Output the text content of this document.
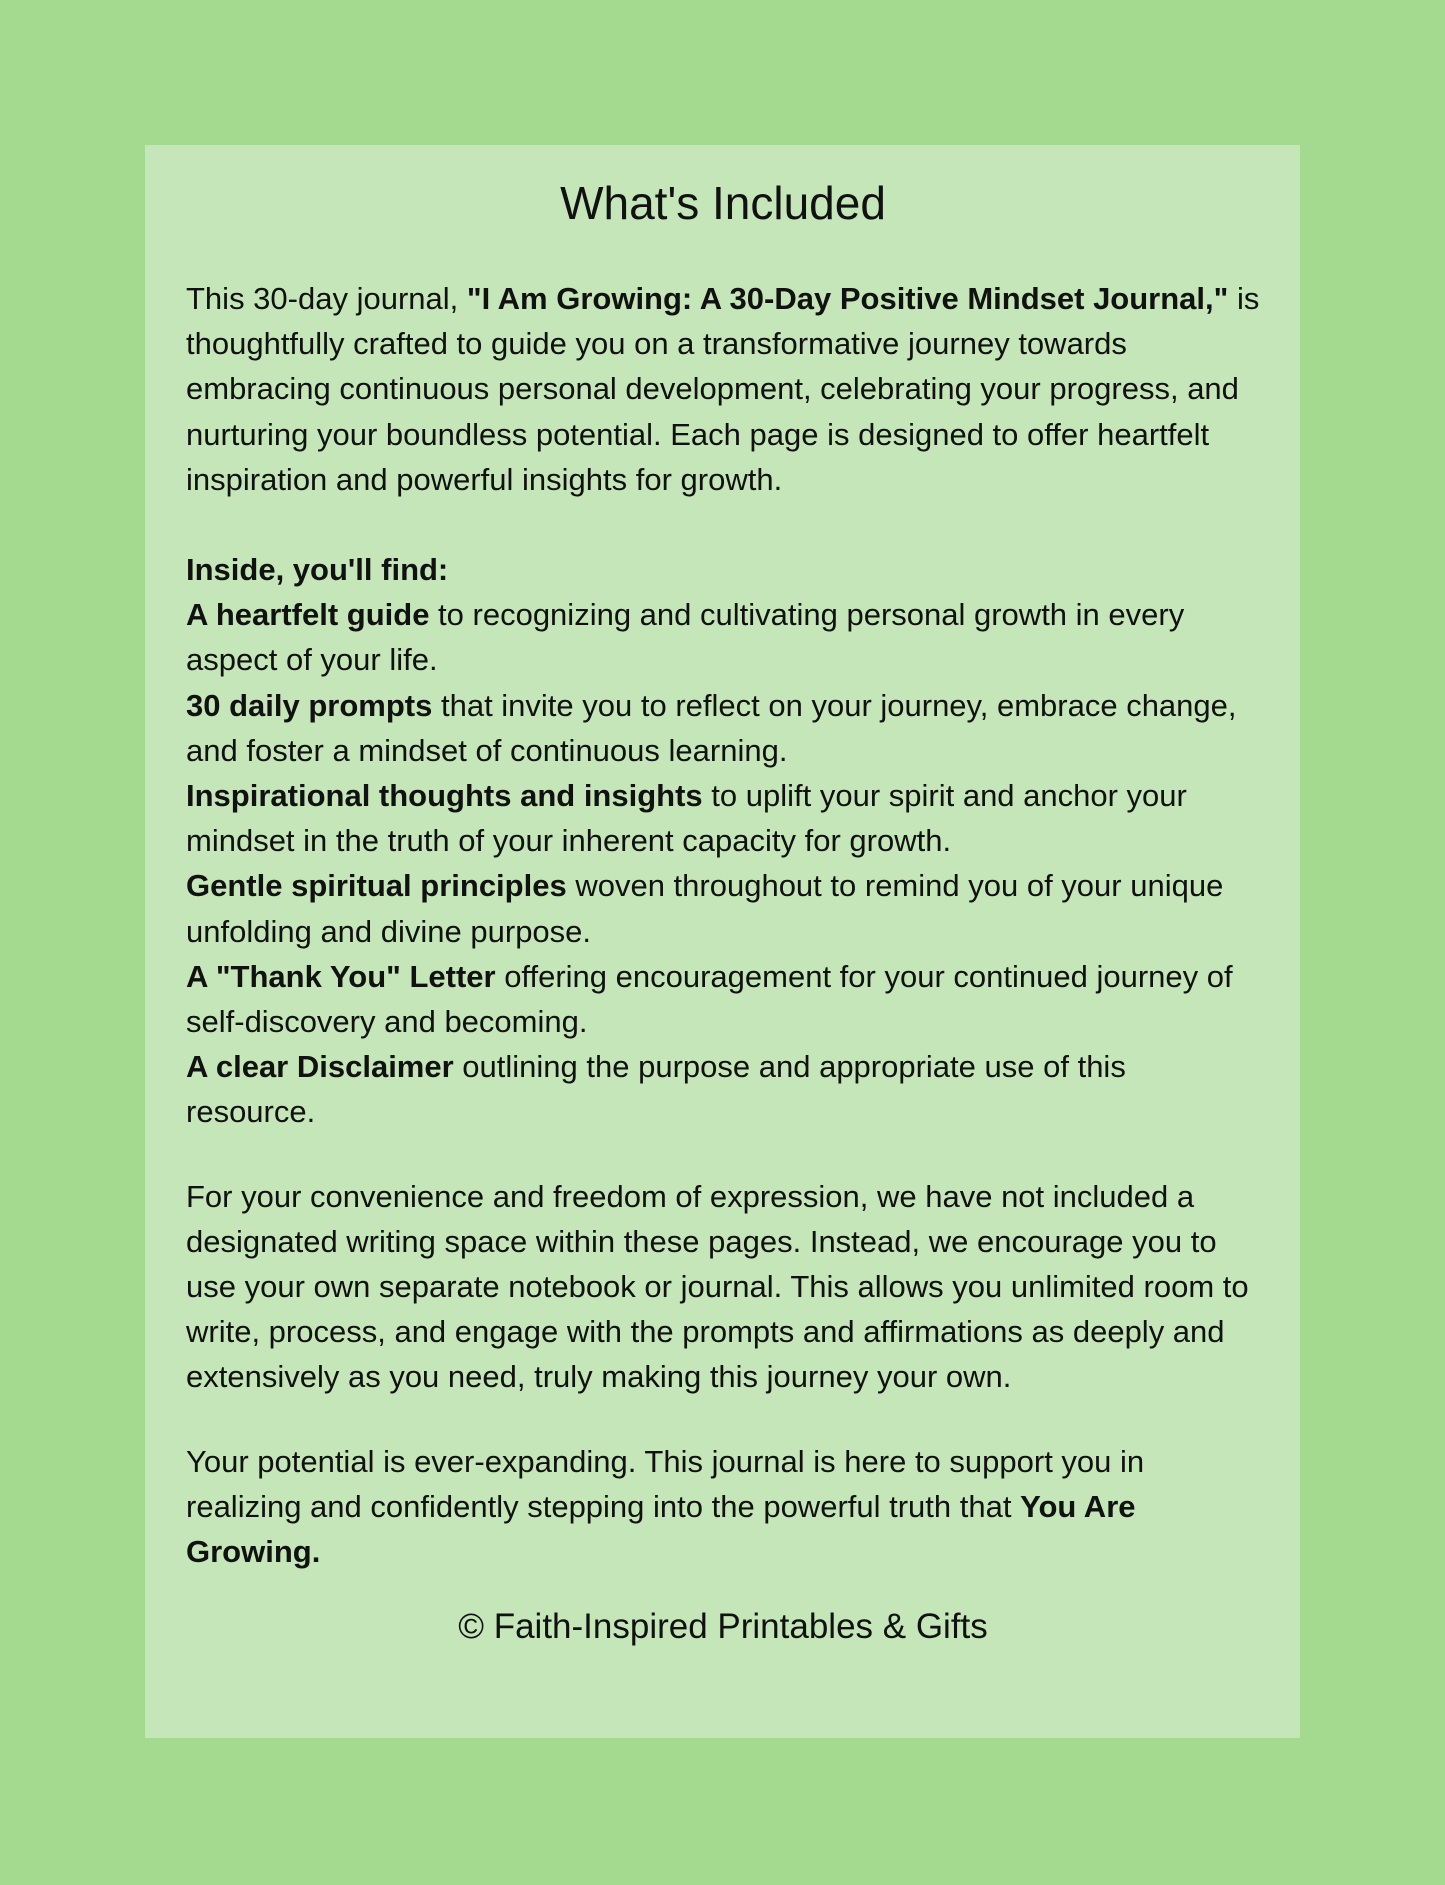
What's Included

This 30-day journal, "I Am Growing: A 30-Day Positive Mindset Journal," is thoughtfully crafted to guide you on a transformative journey towards embracing continuous personal development, celebrating your progress, and nurturing your boundless potential. Each page is designed to offer heartfelt inspiration and powerful insights for growth.

Inside, you'll find:

A heartfelt guide to recognizing and cultivating personal growth in every aspect of your life.

30 daily prompts that invite you to reflect on your journey, embrace change, and foster a mindset of continuous learning.

Inspirational thoughts and insights to uplift your spirit and anchor your mindset in the truth of your inherent capacity for growth.

Gentle spiritual principles woven throughout to remind you of your unique unfolding and divine purpose.

A "Thank You" Letter offering encouragement for your continued journey of self-discovery and becoming.

A clear Disclaimer outlining the purpose and appropriate use of this resource.

For your convenience and freedom of expression, we have not included a designated writing space within these pages. Instead, we encourage you to use your own separate notebook or journal. This allows you unlimited room to write, process, and engage with the prompts and affirmations as deeply and extensively as you need, truly making this journey your own.

Your potential is ever-expanding. This journal is here to support you in realizing and confidently stepping into the powerful truth that You Are Growing.

© Faith-Inspired Printables & Gifts
